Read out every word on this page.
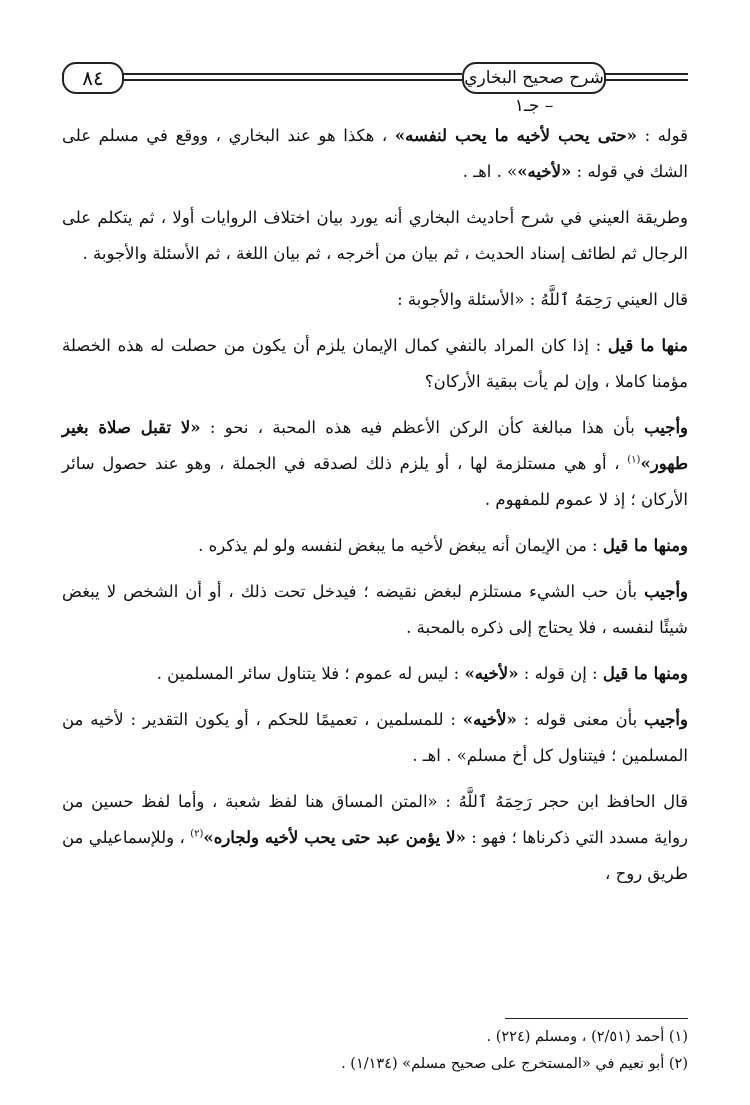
شرح صحيح البخاري – جـ١
٨٤

قوله : «حتى يحب لأخيه ما يحب لنفسه» ، هكذا هو عند البخاري ، ووقع في مسلم على الشك في قوله : «لأخيه»» . اهـ .

وطريقة العيني في شرح أحاديث البخاري أنه يورد بيان اختلاف الروايات أولا ، ثم يتكلم على الرجال ثم لطائف إسناد الحديث ، ثم بيان من أخرجه ، ثم بيان اللغة ، ثم الأسئلة والأجوبة .

قال العيني رَحِمَهُ ٱللَّهُ : «الأسئلة والأجوبة :

منها ما قيل : إذا كان المراد بالنفي كمال الإيمان يلزم أن يكون من حصلت له هذه الخصلة مؤمنا كاملا ، وإن لم يأت ببقية الأركان؟

وأجيب بأن هذا مبالغة كأن الركن الأعظم فيه هذه المحبة ، نحو : «لا تقبل صلاة بغير طهور»$^{(١)}$ ، أو هي مستلزمة لها ، أو يلزم ذلك لصدقه في الجملة ، وهو عند حصول سائر الأركان ؛ إذ لا عموم للمفهوم .

ومنها ما قيل : من الإيمان أنه يبغض لأخيه ما يبغض لنفسه ولو لم يذكره .

وأجيب بأن حب الشيء مستلزم لبغض نقيضه ؛ فيدخل تحت ذلك ، أو أن الشخص لا يبغض شيئًا لنفسه ، فلا يحتاج إلى ذكره بالمحبة .

ومنها ما قيل : إن قوله : «لأخيه» : ليس له عموم ؛ فلا يتناول سائر المسلمين .

وأجيب بأن معنى قوله : «لأخيه» : للمسلمين ، تعميمًا للحكم ، أو يكون التقدير : لأخيه من المسلمين ؛ فيتناول كل أخ مسلم» . اهـ .

قال الحافظ ابن حجر رَحِمَهُ ٱللَّهُ : «المتن المساق هنا لفظ شعبة ، وأما لفظ حسين من رواية مسدد التي ذكرناها ؛ فهو : «لا يؤمن عبد حتى يحب لأخيه ولجاره»$^{(٢)}$ ، وللإسماعيلي من طريق روح ،

(١) أحمد (٢/٥١) ، ومسلم (٢٢٤) .

(٢) أبو نعيم في «المستخرج على صحيح مسلم» (١/١٣٤) .
